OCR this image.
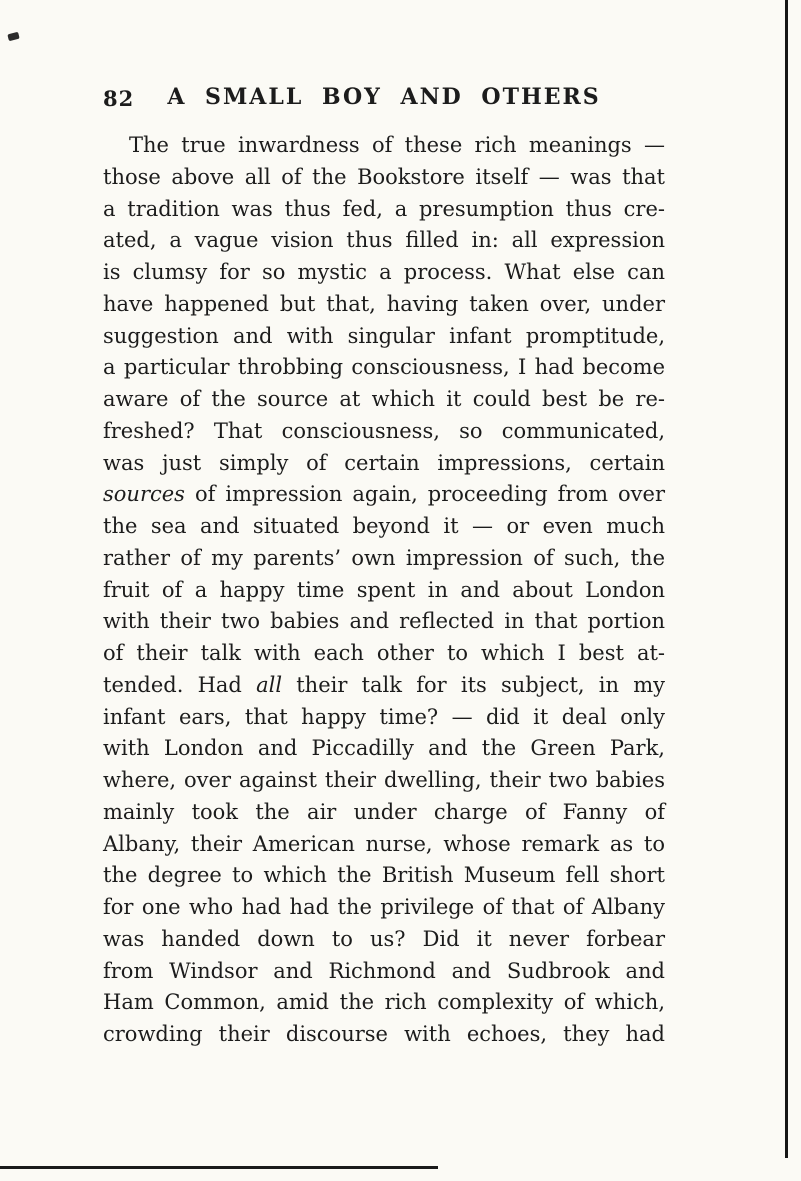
82 A SMALL BOY AND OTHERS
The true inwardness of these rich meanings —
those above all of the Bookstore itself — was that
a tradition was thus fed, a presumption thus cre-
ated, a vague vision thus filled in: all expression
is clumsy for so mystic a process. What else can
have happened but that, having taken over, under
suggestion and with singular infant promptitude,
a particular throbbing consciousness, I had become
aware of the source at which it could best be re-
freshed? That consciousness, so communicated,
was just simply of certain impressions, certain
sources of impression again, proceeding from over
the sea and situated beyond it — or even much
rather of my parents’ own impression of such, the
fruit of a happy time spent in and about London
with their two babies and reflected in that portion
of their talk with each other to which I best at-
tended. Had all their talk for its subject, in my
infant ears, that happy time? — did it deal only
with London and Piccadilly and the Green Park,
where, over against their dwelling, their two babies
mainly took the air under charge of Fanny of
Albany, their American nurse, whose remark as to
the degree to which the British Museum fell short
for one who had had the privilege of that of Albany
was handed down to us? Did it never forbear
from Windsor and Richmond and Sudbrook and
Ham Common, amid the rich complexity of which,
crowding their discourse with echoes, they had
